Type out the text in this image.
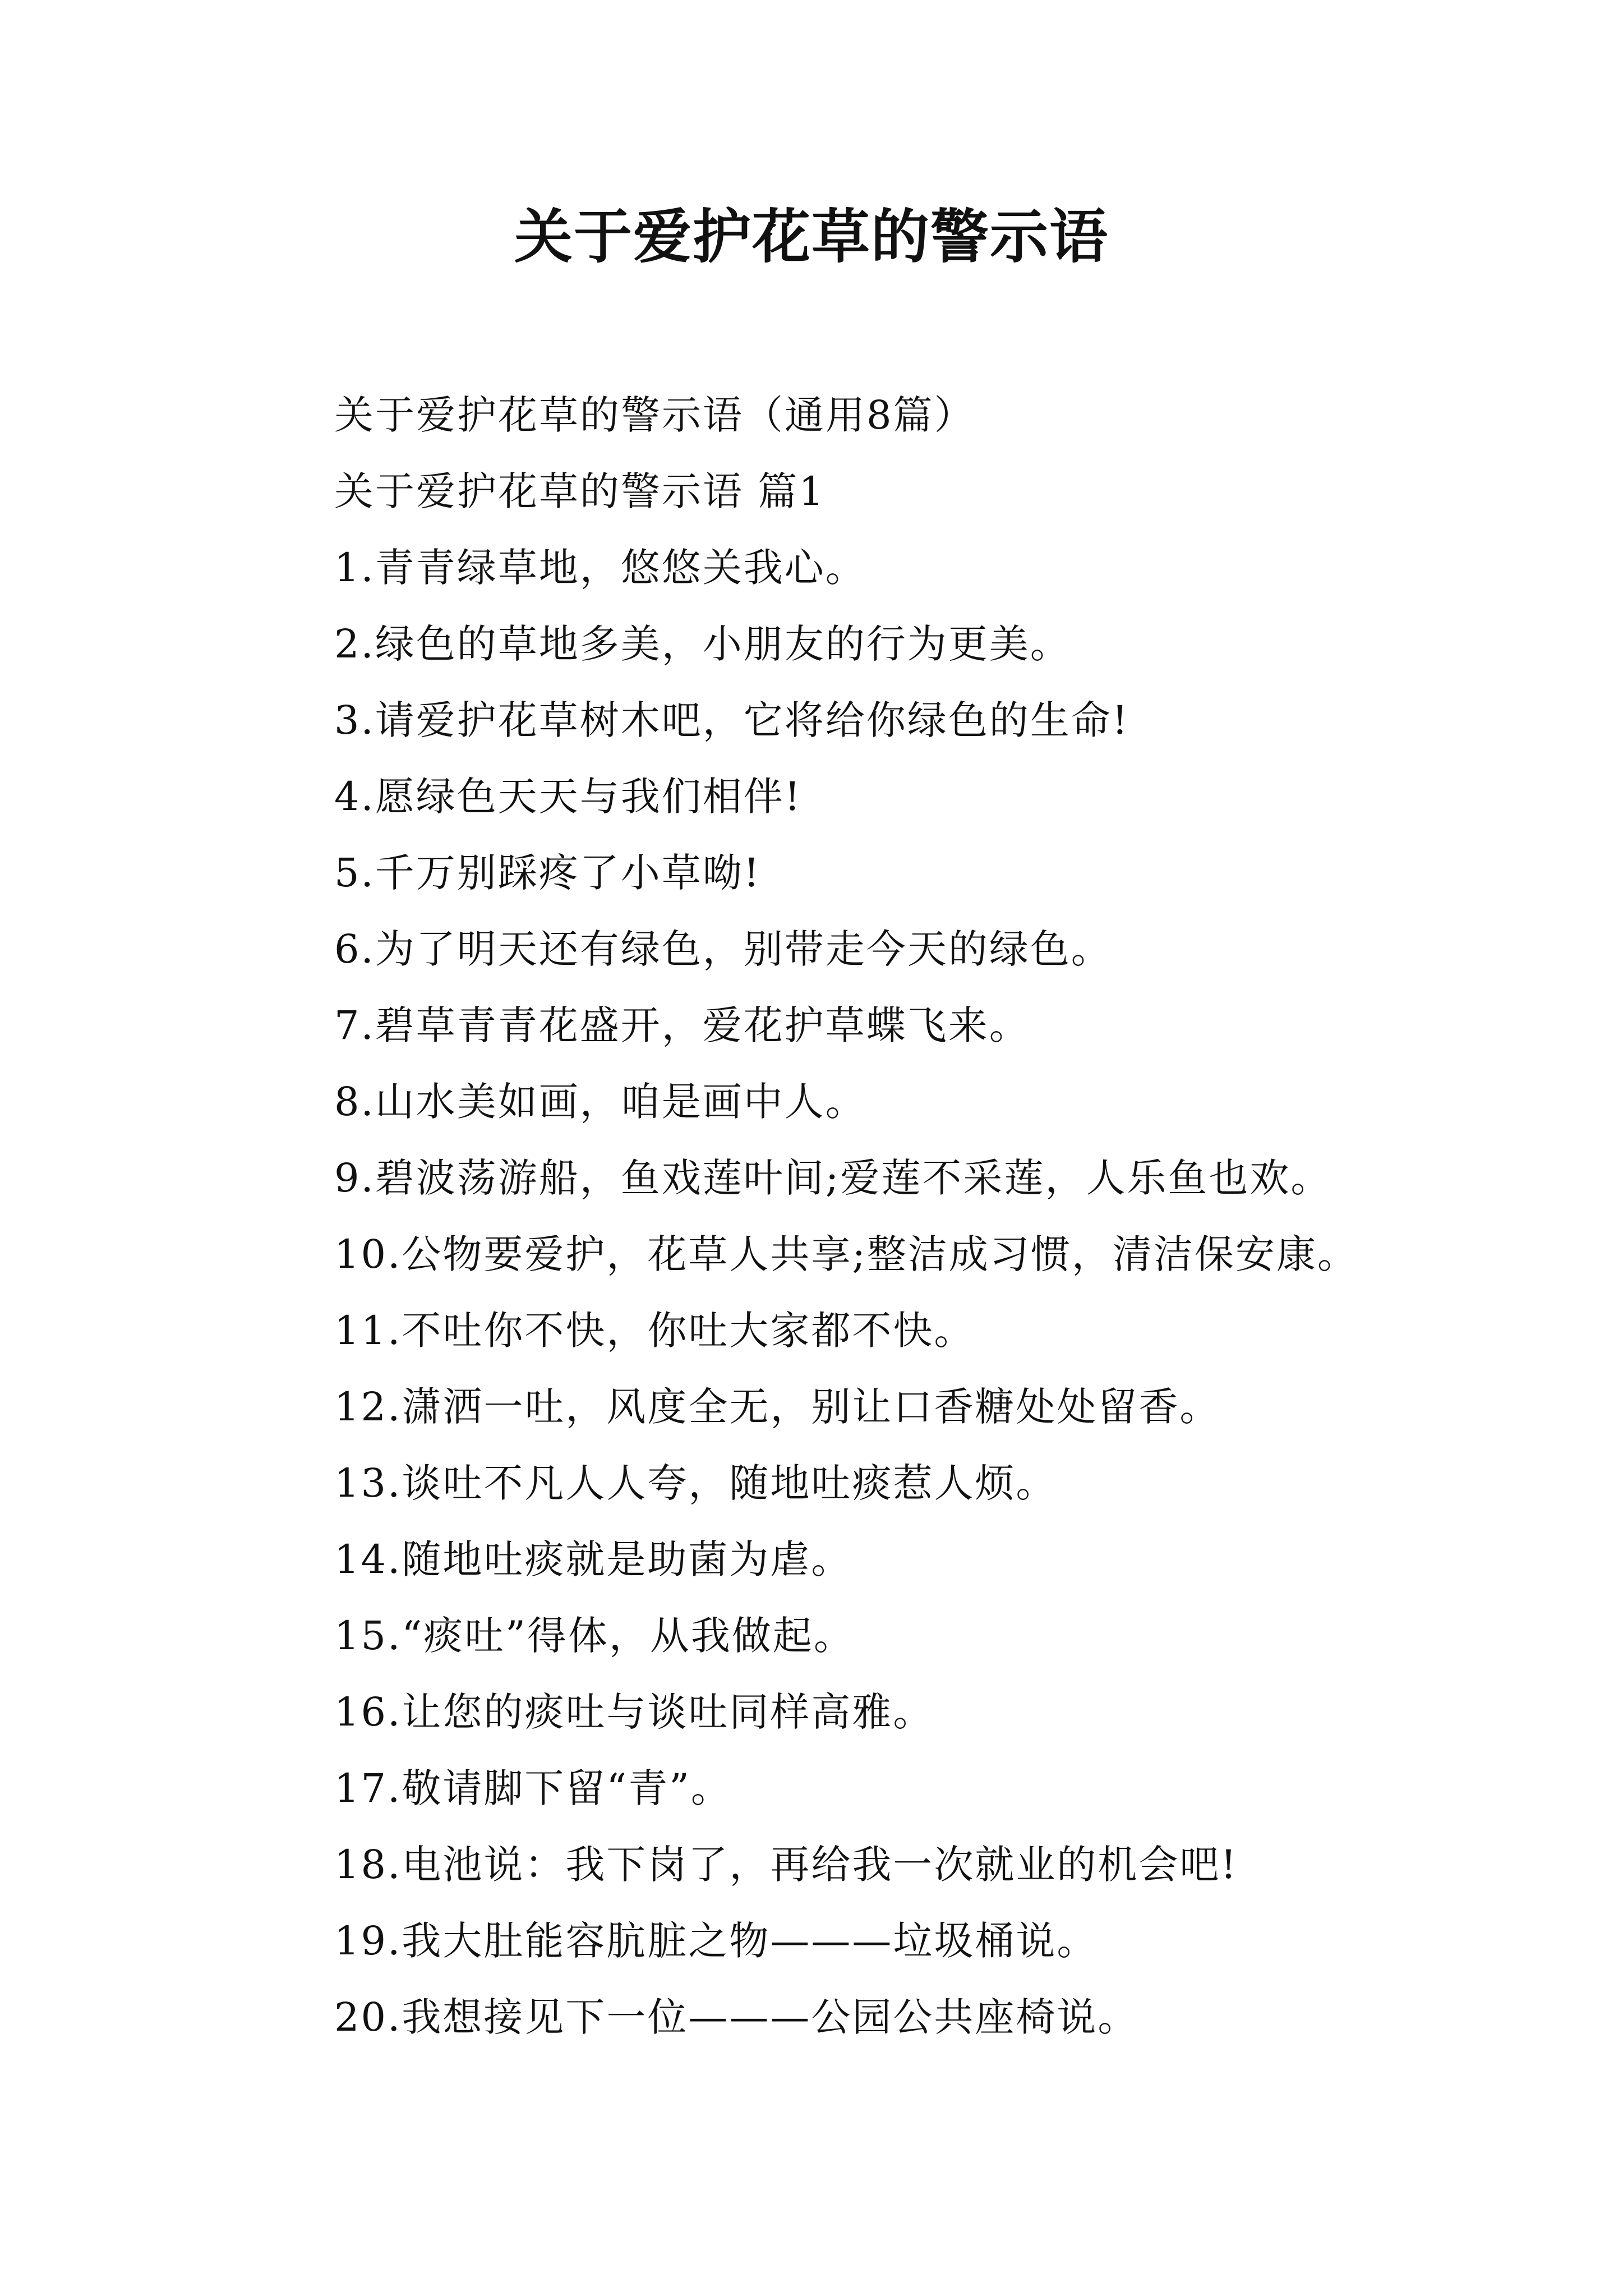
关于爱护花草的警示语
关于爱护花草的警示语（通用8篇）
关于爱护花草的警示语 篇1
1.青青绿草地，悠悠关我心。
2.绿色的草地多美，小朋友的行为更美。
3.请爱护花草树木吧，它将给你绿色的生命!
4.愿绿色天天与我们相伴!
5.千万别踩疼了小草呦!
6.为了明天还有绿色，别带走今天的绿色。
7.碧草青青花盛开，爱花护草蝶飞来。
8.山水美如画，咱是画中人。
9.碧波荡游船，鱼戏莲叶间;爱莲不采莲，人乐鱼也欢。
10.公物要爱护，花草人共享;整洁成习惯，清洁保安康。
11.不吐你不快，你吐大家都不快。
12.潇洒一吐，风度全无，别让口香糖处处留香。
13.谈吐不凡人人夸，随地吐痰惹人烦。
14.随地吐痰就是助菌为虐。
15.“痰吐”得体，从我做起。
16.让您的痰吐与谈吐同样高雅。
17.敬请脚下留“青”。
18.电池说：我下岗了，再给我一次就业的机会吧!
19.我大肚能容肮脏之物———垃圾桶说。
20.我想接见下一位———公园公共座椅说。
